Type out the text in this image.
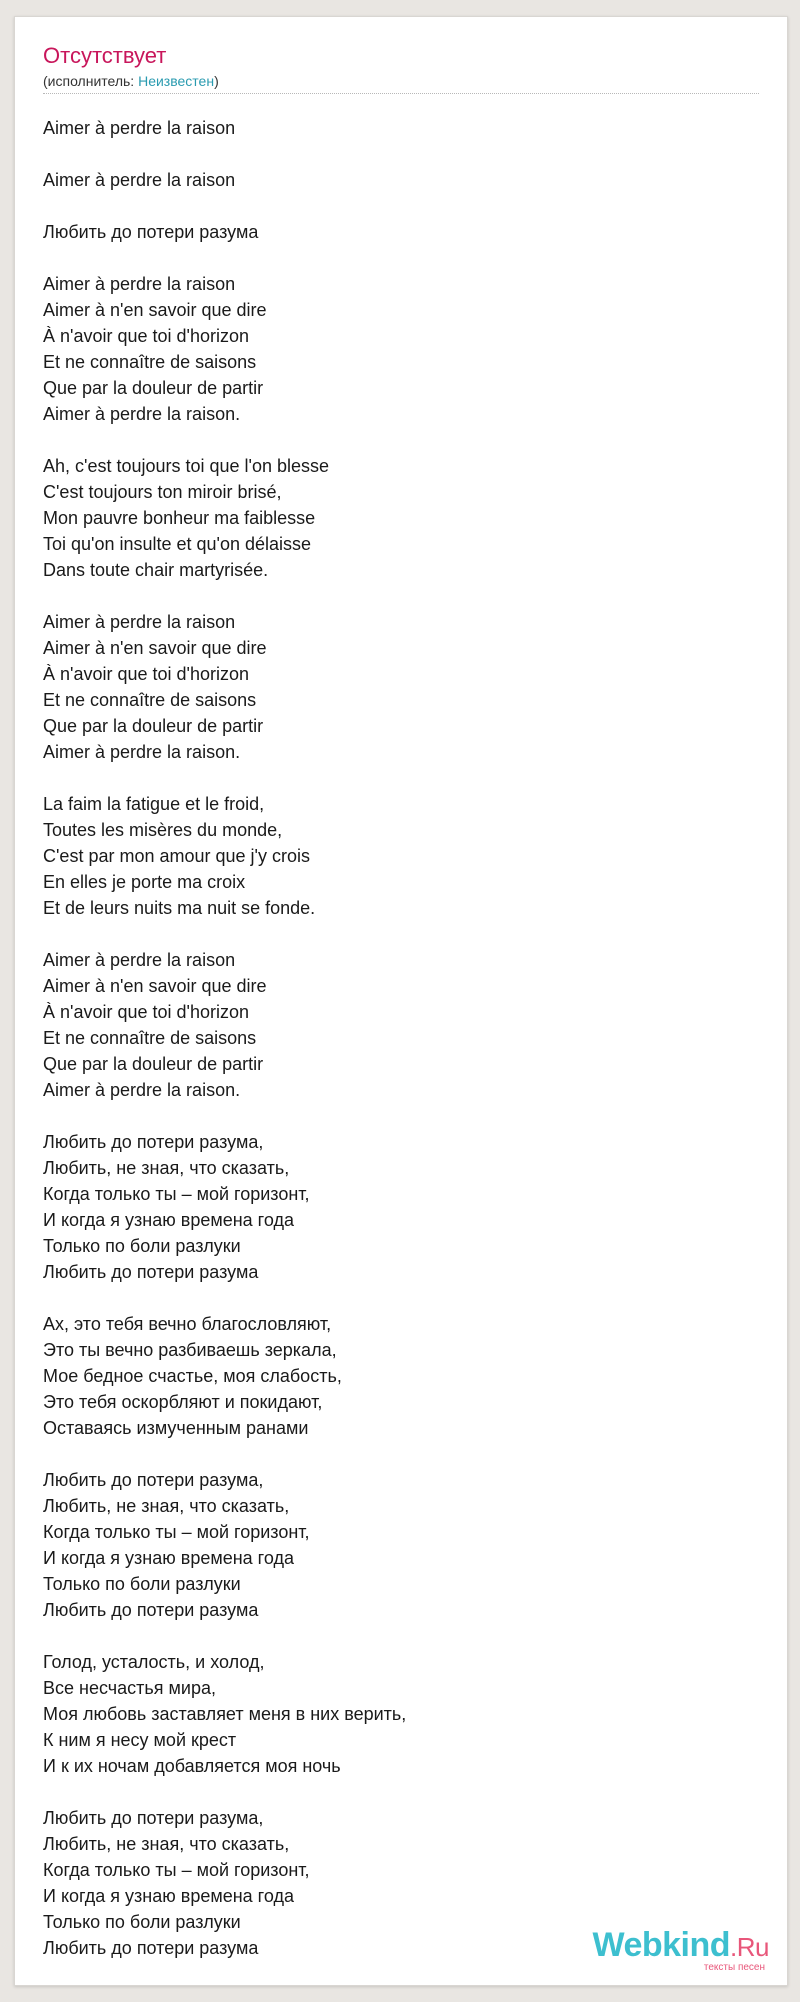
Отсутствует
(исполнитель: Неизвестен)
Aimer à perdre la raison
Aimer à perdre la raison
Любить до потери разума
Aimer à perdre la raison
Aimer à n'en savoir que dire
À n'avoir que toi d'horizon
Et ne connaître de saisons
Que par la douleur de partir
Aimer à perdre la raison.
Ah, c'est toujours toi que l'on blesse
C'est toujours ton miroir brisé,
Mon pauvre bonheur ma faiblesse
Toi qu'on insulte et qu'on délaisse
Dans toute chair martyrisée.
Aimer à perdre la raison
Aimer à n'en savoir que dire
À n'avoir que toi d'horizon
Et ne connaître de saisons
Que par la douleur de partir
Aimer à perdre la raison.
La faim la fatigue et le froid,
Toutes les misères du monde,
C'est par mon amour que j'y crois
En elles je porte ma croix
Et de leurs nuits ma nuit se fonde.
Aimer à perdre la raison
Aimer à n'en savoir que dire
À n'avoir que toi d'horizon
Et ne connaître de saisons
Que par la douleur de partir
Aimer à perdre la raison.
Любить до потери разума,
Любить, не зная, что сказать,
Когда только ты – мой горизонт,
И когда я узнаю времена года
Только по боли разлуки
Любить до потери разума
Ах, это тебя вечно благословляют,
Это ты вечно разбиваешь зеркала,
Мое бедное счастье, моя слабость,
Это тебя оскорбляют и покидают,
Оставаясь измученным ранами
Любить до потери разума,
Любить, не зная, что сказать,
Когда только ты – мой горизонт,
И когда я узнаю времена года
Только по боли разлуки
Любить до потери разума
Голод, усталость, и холод,
Все несчастья мира,
Моя любовь заставляет меня в них верить,
К ним я несу мой крест
И к их ночам добавляется моя ночь
Любить до потери разума,
Любить, не зная, что сказать,
Когда только ты – мой горизонт,
И когда я узнаю времена года
Только по боли разлуки
Любить до потери разума	Webkind.Ru
тексты песен
